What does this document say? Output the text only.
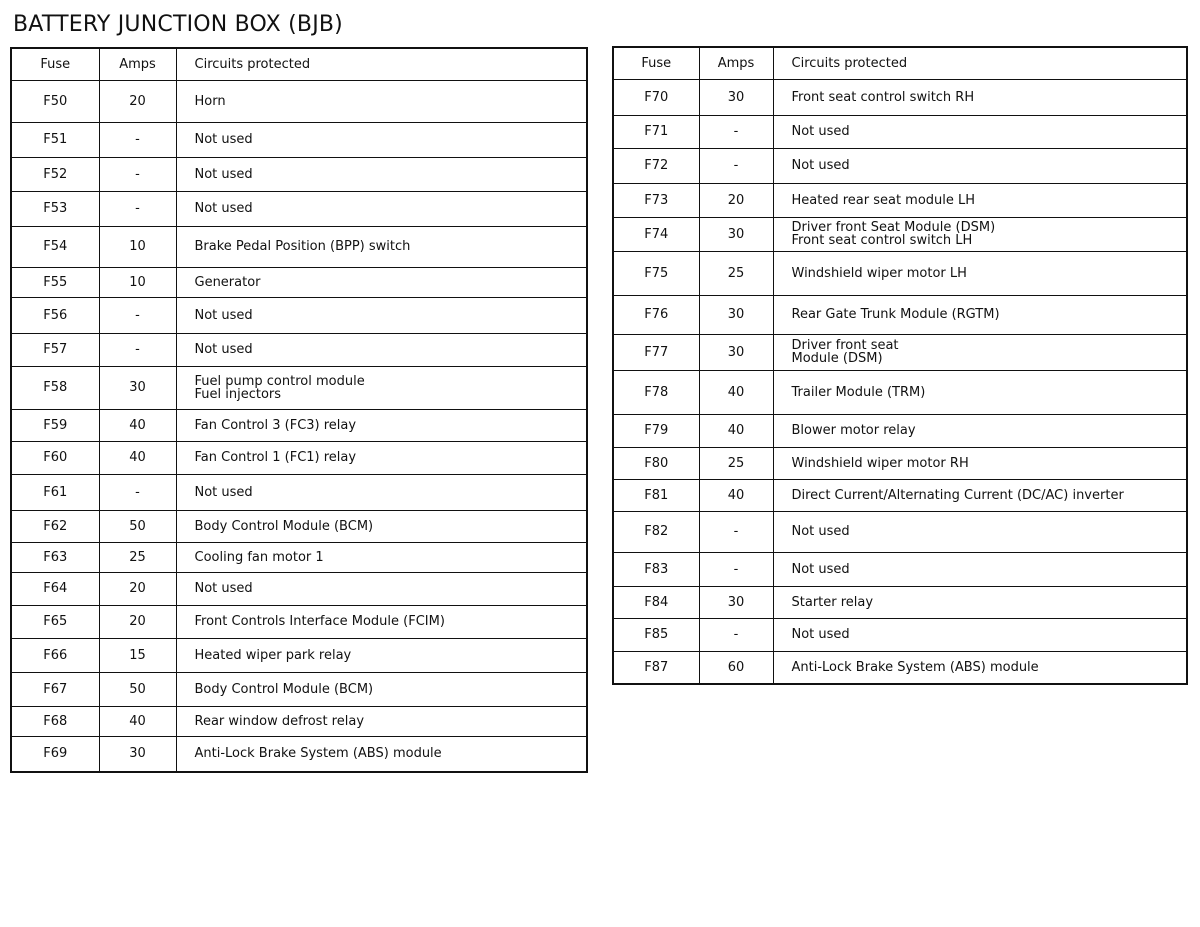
BATTERY JUNCTION BOX (BJB)
Fuse	Amps	Circuits protected
F50	20	Horn

F51	-	Not used

F52	-	Not used

F53	-	Not used

F54	10	Brake Pedal Position (BPP) switch

F55	10	Generator

F56	-	Not used

F57	-	Not used

F58	30	Fuel pump control module
Fuel injectors

F59	40	Fan Control 3 (FC3) relay

F60	40	Fan Control 1 (FC1) relay

F61	-	Not used

F62	50	Body Control Module (BCM)

F63	25	Cooling fan motor 1

F64	20	Not used

F65	20	Front Controls Interface Module (FCIM)

F66	15	Heated wiper park relay

F67	50	Body Control Module (BCM)

F68	40	Rear window defrost relay

F69	30	Anti-Lock Brake System (ABS) module
Fuse	Amps	Circuits protected
F70	30	Front seat control switch RH

F71	-	Not used

F72	-	Not used

F73	20	Heated rear seat module LH

F74	30	Driver front Seat Module (DSM)
Front seat control switch LH

F75	25	Windshield wiper motor LH

F76	30	Rear Gate Trunk Module (RGTM)

F77	30	Driver front seat
Module (DSM)

F78	40	Trailer Module (TRM)

F79	40	Blower motor relay

F80	25	Windshield wiper motor RH

F81	40	Direct Current/Alternating Current (DC/AC) inverter

F82	-	Not used

F83	-	Not used

F84	30	Starter relay

F85	-	Not used

F87	60	Anti-Lock Brake System (ABS) module
